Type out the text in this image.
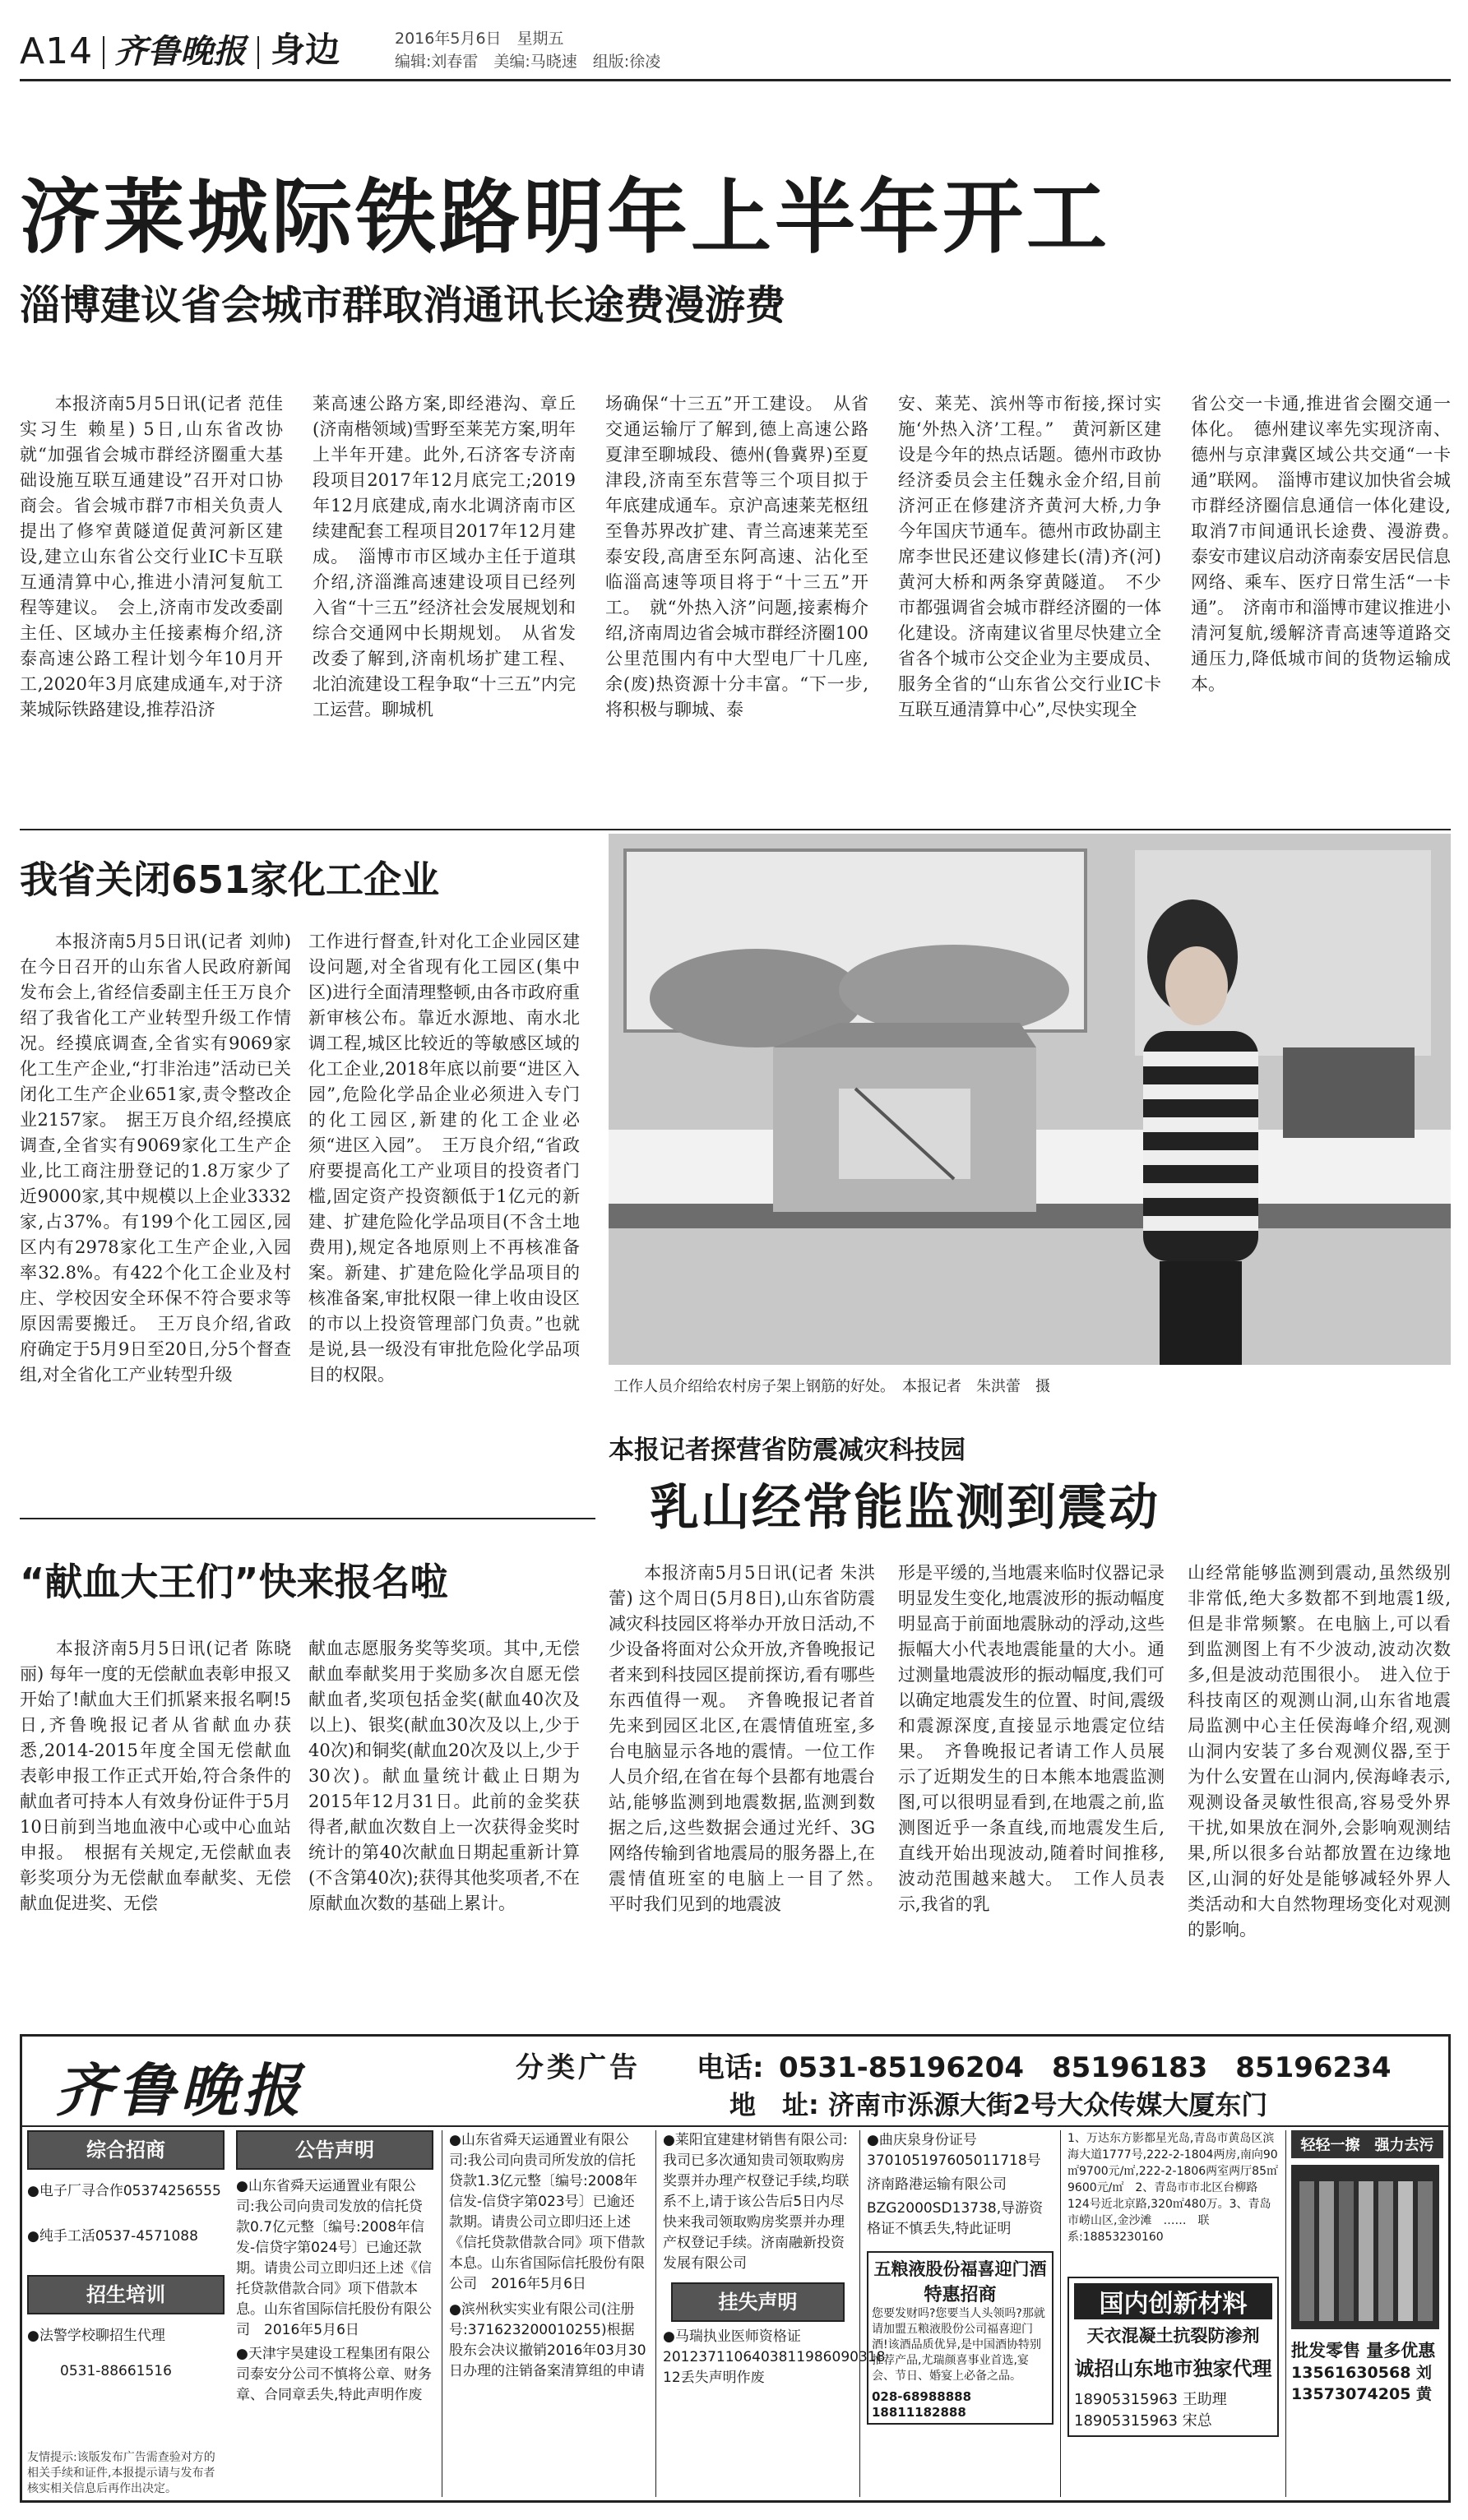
A14 齐鲁晚报 身边	2016年5月6日　星期五
编辑:刘春雷　美编:马晓速　组版:徐凌
济莱城际铁路明年上半年开工
淄博建议省会城市群取消通讯长途费漫游费
　　本报济南5月5日讯(记者 范佳 实习生 赖星) 5日,山东省改协就“加强省会城市群经济圈重大基础设施互联互通建设”召开对口协商会。省会城市群7市相关负责人提出了修窄黄隧道促黄河新区建设,建立山东省公交行业IC卡互联互通清算中心,推进小清河复航工程等建议。　会上,济南市发改委副主任、区域办主任接素梅介绍,济泰高速公路工程计划今年10月开工,2020年3月底建成通车,对于济莱城际铁路建设,推荐沿济
莱高速公路方案,即经港沟、章丘(济南楷领域)雪野至莱芜方案,明年上半年开建。此外,石济客专济南段项目2017年12月底完工;2019年12月底建成,南水北调济南市区续建配套工程项目2017年12月建成。　淄博市市区域办主任于道琪介绍,济淄潍高速建设项目已经列入省“十三五”经济社会发展规划和综合交通网中长期规划。　从省发改委了解到,济南机场扩建工程、北泊流建设工程争取“十三五”内完工运营。聊城机
场确保“十三五”开工建设。　从省交通运输厅了解到,德上高速公路夏津至聊城段、德州(鲁冀界)至夏津段,济南至东营等三个项目拟于年底建成通车。京沪高速莱芜枢纽至鲁苏界改扩建、青兰高速莱芜至泰安段,高唐至东阿高速、沾化至临淄高速等项目将于“十三五”开工。　就“外热入济”问题,接素梅介绍,济南周边省会城市群经济圈100公里范围内有中大型电厂十几座,余(废)热资源十分丰富。“下一步,将积极与聊城、泰
安、莱芜、滨州等市衔接,探讨实施‘外热入济’工程。”　黄河新区建设是今年的热点话题。德州市政协经济委员会主任魏永金介绍,目前济河正在修建济齐黄河大桥,力争今年国庆节通车。德州市政协副主席李世民还建议修建长(清)齐(河)黄河大桥和两条穿黄隧道。　不少市都强调省会城市群经济圈的一体化建设。济南建议省里尽快建立全省各个城市公交企业为主要成员、服务全省的“山东省公交行业IC卡互联互通清算中心”,尽快实现全
省公交一卡通,推进省会圈交通一体化。　德州建议率先实现济南、德州与京津冀区域公共交通“一卡通”联网。　淄博市建议加快省会城市群经济圈信息通信一体化建设,取消7市间通讯长途费、漫游费。　泰安市建议启动济南泰安居民信息网络、乘车、医疗日常生活“一卡通”。　济南市和淄博市建议推进小清河复航,缓解济青高速等道路交通压力,降低城市间的货物运输成本。
我省关闭651家化工企业
　　本报济南5月5日讯(记者 刘帅) 在今日召开的山东省人民政府新闻发布会上,省经信委副主任王万良介绍了我省化工产业转型升级工作情况。经摸底调查,全省实有9069家化工生产企业,“打非治违”活动已关闭化工生产企业651家,责令整改企业2157家。　据王万良介绍,经摸底调查,全省实有9069家化工生产企业,比工商注册登记的1.8万家少了近9000家,其中规模以上企业3332家,占37%。有199个化工园区,园区内有2978家化工生产企业,入园率32.8%。有422个化工企业及村庄、学校因安全环保不符合要求等原因需要搬迁。　王万良介绍,省政府确定于5月9日至20日,分5个督查组,对全省化工产业转型升级
工作进行督查,针对化工企业园区建设问题,对全省现有化工园区(集中区)进行全面清理整顿,由各市政府重新审核公布。靠近水源地、南水北调工程,城区比较近的等敏感区域的化工企业,2018年底以前要“进区入园”,危险化学品企业必须进入专门的化工园区,新建的化工企业必须“进区入园”。　王万良介绍,“省政府要提高化工产业项目的投资者门槛,固定资产投资额低于1亿元的新建、扩建危险化学品项目(不含土地费用),规定各地原则上不再核准备案。新建、扩建危险化学品项目的核准备案,审批权限一律上收由设区的市以上投资管理部门负责。”也就是说,县一级没有审批危险化学品项目的权限。
工作人员介绍给农村房子架上钢筋的好处。　本报记者　朱洪蕾　摄
本报记者探营省防震减灾科技园
乳山经常能监测到震动
　　本报济南5月5日讯(记者 朱洪蕾) 这个周日(5月8日),山东省防震减灾科技园区将举办开放日活动,不少设备将面对公众开放,齐鲁晚报记者来到科技园区提前探访,看有哪些东西值得一观。　齐鲁晚报记者首先来到园区北区,在震情值班室,多台电脑显示各地的震情。一位工作人员介绍,在省在每个县都有地震台站,能够监测到地震数据,监测到数据之后,这些数据会通过光纤、3G网络传输到省地震局的服务器上,在震情值班室的电脑上一目了然。　平时我们见到的地震波
形是平缓的,当地震来临时仪器记录明显发生变化,地震波形的振动幅度明显高于前面地震脉动的浮动,这些振幅大小代表地震能量的大小。通过测量地震波形的振动幅度,我们可以确定地震发生的位置、时间,震级和震源深度,直接显示地震定位结果。　齐鲁晚报记者请工作人员展示了近期发生的日本熊本地震监测图,可以很明显看到,在地震之前,监测图近乎一条直线,而地震发生后,直线开始出现波动,随着时间推移,波动范围越来越大。　工作人员表示,我省的乳
山经常能够监测到震动,虽然级别非常低,绝大多数都不到地震1级,但是非常频繁。在电脑上,可以看到监测图上有不少波动,波动次数多,但是波动范围很小。　进入位于科技南区的观测山洞,山东省地震局监测中心主任侯海峰介绍,观测山洞内安装了多台观测仪器,至于为什么安置在山洞内,侯海峰表示,观测设备灵敏性很高,容易受外界干扰,如果放在洞外,会影响观测结果,所以很多台站都放置在边缘地区,山洞的好处是能够减轻外界人类活动和大自然物理场变化对观测的影响。
“献血大王们”快来报名啦
　　本报济南5月5日讯(记者 陈晓丽) 每年一度的无偿献血表彰申报又开始了!献血大王们抓紧来报名啊!5日,齐鲁晚报记者从省献血办获悉,2014-2015年度全国无偿献血表彰申报工作正式开始,符合条件的献血者可持本人有效身份证件于5月10日前到当地血液中心或中心血站申报。　根据有关规定,无偿献血表彰奖项分为无偿献血奉献奖、无偿献血促进奖、无偿
献血志愿服务奖等奖项。其中,无偿献血奉献奖用于奖励多次自愿无偿献血者,奖项包括金奖(献血40次及以上)、银奖(献血30次及以上,少于40次)和铜奖(献血20次及以上,少于30次)。献血量统计截止日期为2015年12月31日。此前的金奖获得者,献血次数自上一次获得金奖时统计的第40次献血日期起重新计算(不含第40次);获得其他奖项者,不在原献血次数的基础上累计。
齐鲁晚报	分类广告 电话: 0531-85196204　85196183　85196234
地　址: 济南市泺源大街2号大众传媒大厦东门
综合招商
●电子厂寻合作05374256555
●纯手工活0537-4571088
招生培训
●法警学校聊招生代理
0531-88661516
友情提示:该版发布广告需查验对方的相关手续和证件,本报提示请与发布者核实相关信息后再作出决定。
公告声明
●山东省舜天运通置业有限公司:我公司向贵司发放的信托贷款0.7亿元整〔编号:2008年信发-信贷字第024号〕已逾还款期。请贵公司立即归还上述《信托贷款借款合同》项下借款本息。山东省国际信托股份有限公司　2016年5月6日
●天津宇昊建设工程集团有限公司泰安分公司不慎将公章、财务章、合同章丢失,特此声明作废
●山东省舜天运通置业有限公司:我公司向贵司所发放的信托贷款1.3亿元整〔编号:2008年信发-信贷字第023号〕已逾还款期。请贵公司立即归还上述《信托贷款借款合同》项下借款本息。山东省国际信托股份有限公司　2016年5月6日
●滨州秋实实业有限公司(注册号:371623200010255)根据股东会决议撤销2016年03月30日办理的注销备案清算组的申请
●莱阳宜建建材销售有限公司:我司已多次通知贵司领取购房奖票并办理产权登记手续,均联系不上,请于该公告后5日内尽快来我司领取购房奖票并办理产权登记手续。济南融新投资发展有限公司
挂失声明
●马瑞执业医师资格证2012371106403811986090318 12丢失声明作废
●曲庆泉身份证号370105197605011718号
济南路港运输有限公司
BZG2000SD13738,导游资格证不慎丢失,特此证明
五粮液股份福喜迎门酒
特惠招商
您要发财吗?您要当人头领吗?那就请加盟五粮液股份公司福喜迎门酒!该酒品质优异,是中国酒协特别推荐产品,尤瑞颜喜事业首选,宴会、节日、婚宴上必备之品。
028-68988888　18811182888
1、万达东方影都星光岛,青岛市黄岛区滨海大道1777号,222-2-1804两房,南向90㎡9700元/㎡,222-2-1806两室两厅85㎡9600元/㎡　2、青岛市市北区台柳路124号近北京路,320㎡480万。3、青岛市崂山区,金沙滩　……　联系:18853230160
国内创新材料
天衣混凝土抗裂防渗剂
诚招山东地市独家代理
18905315963 王助理　18905315963 宋总
轻轻一擦　强力去污
批发零售 量多优惠
13561630568 刘　13573074205 黄
